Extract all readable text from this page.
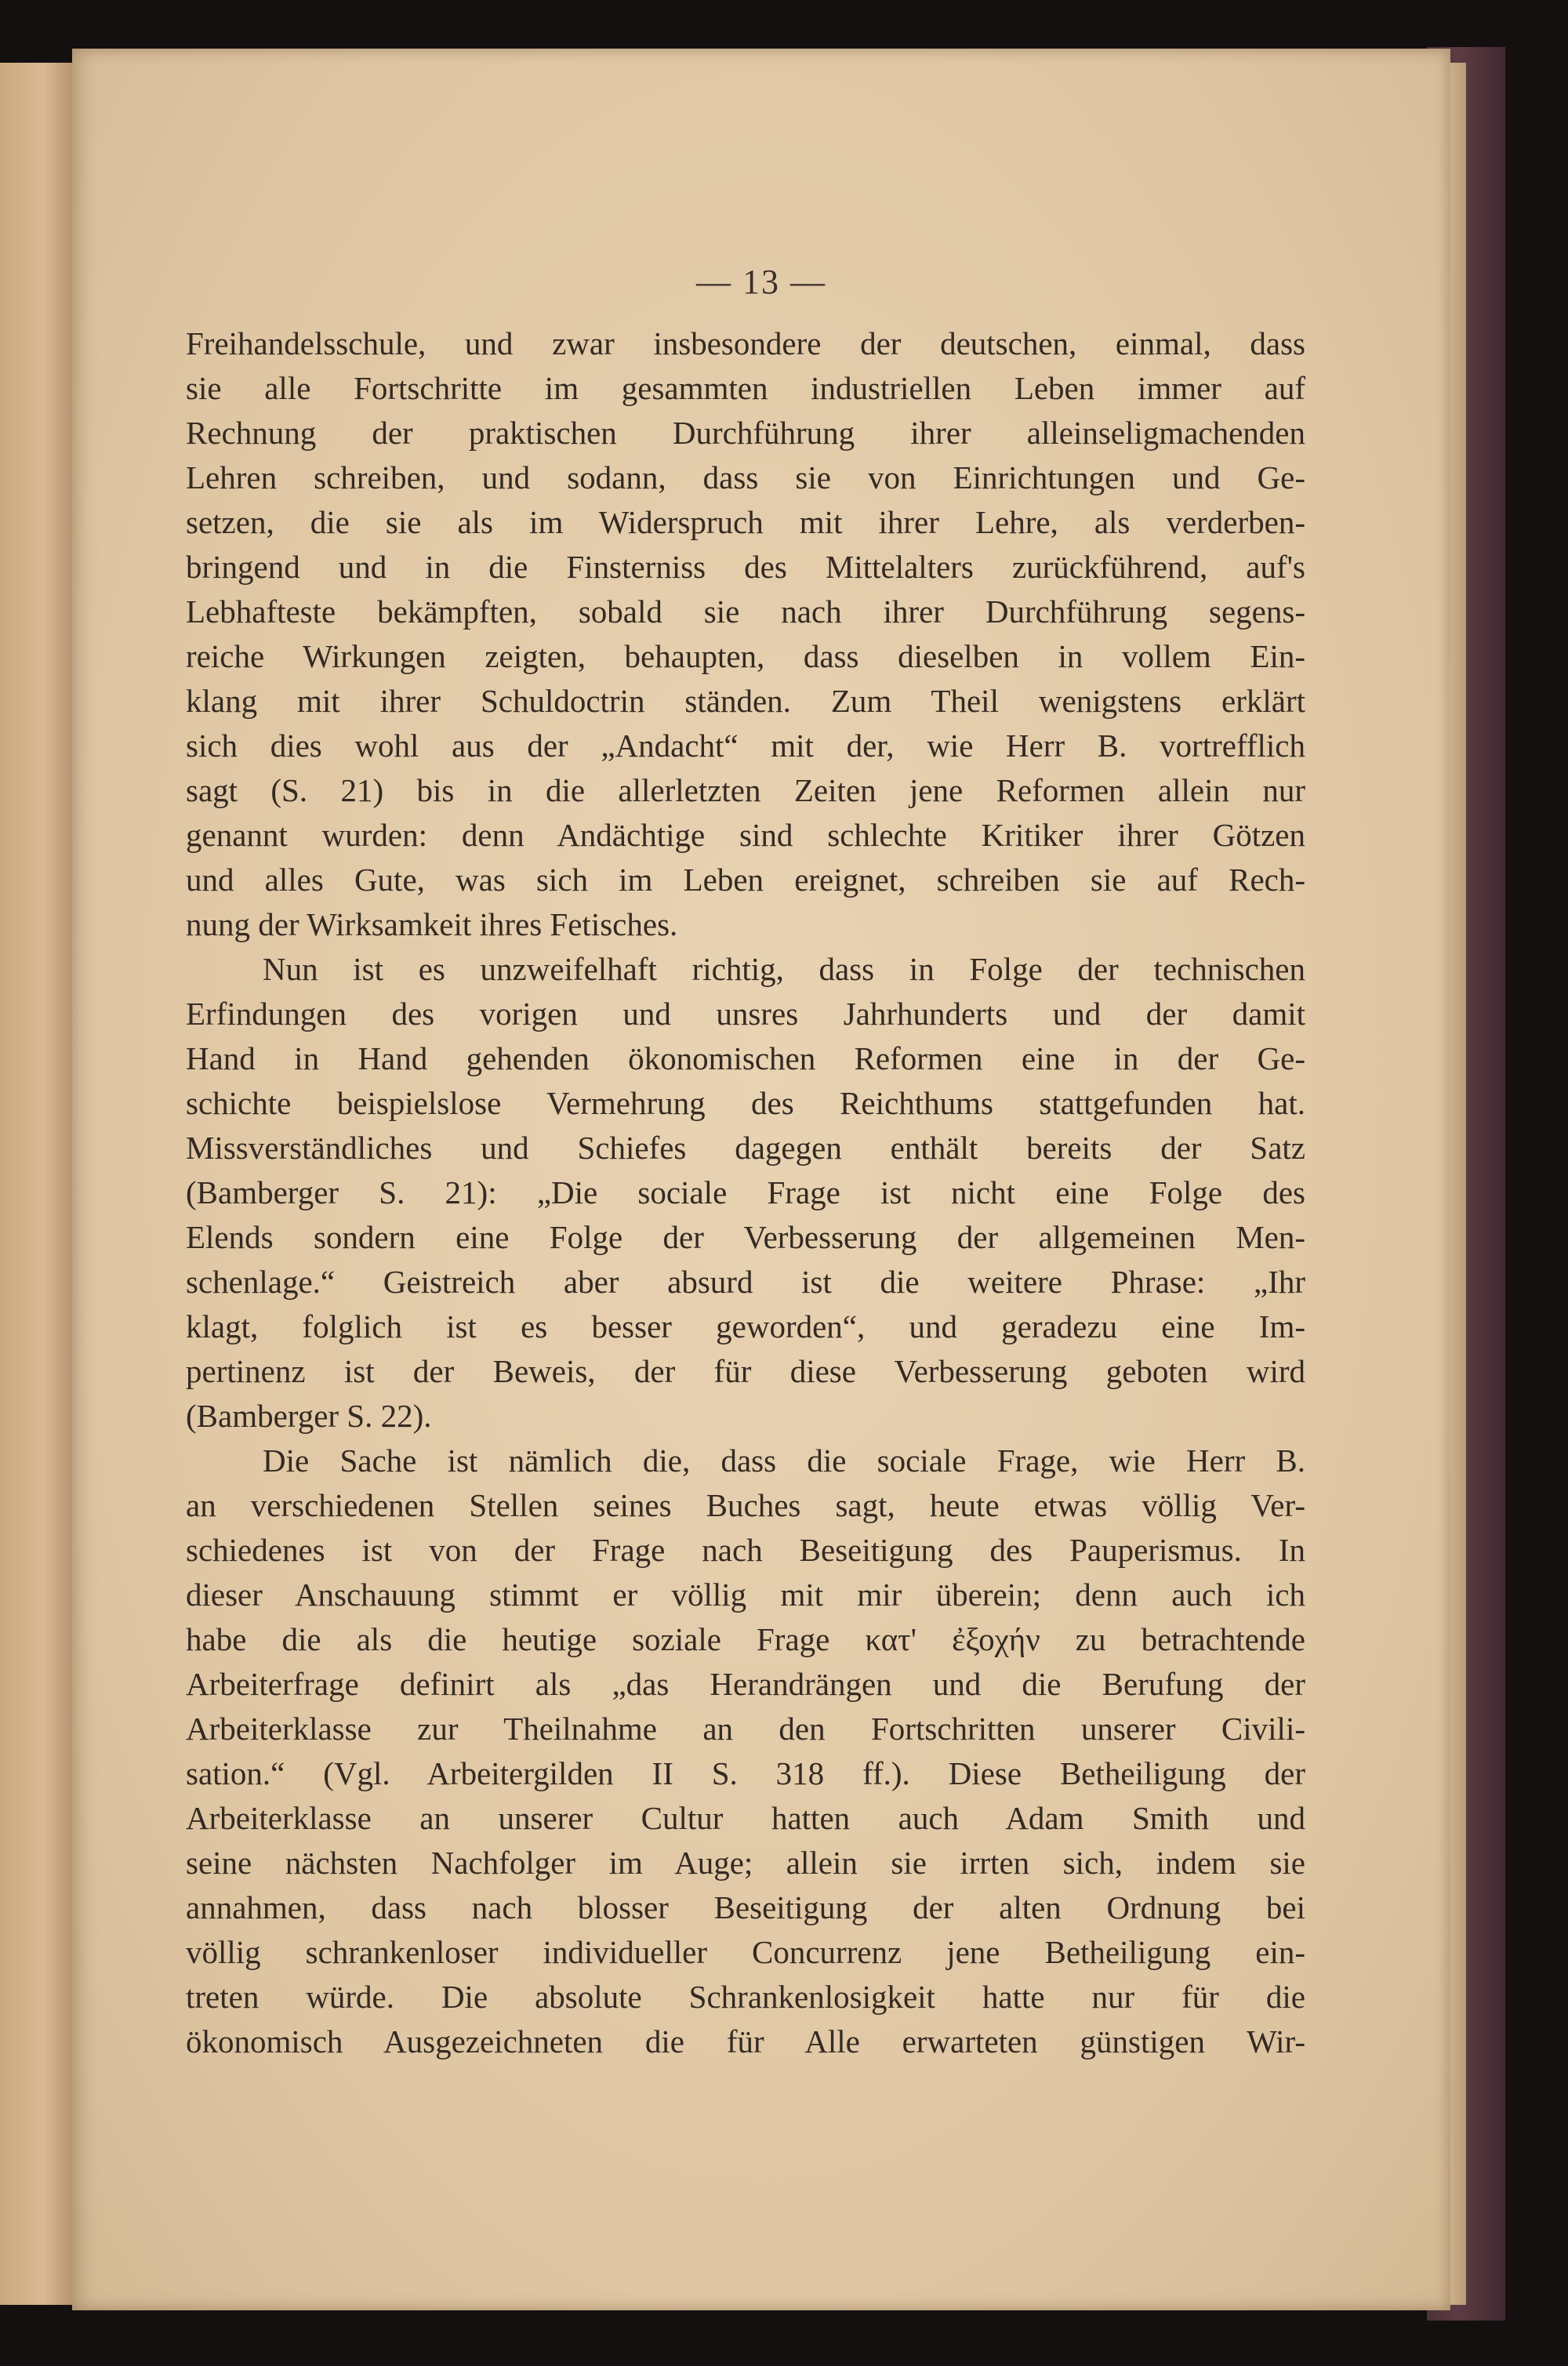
— 13 —
Freihandelsschule, und zwar insbesondere der deutschen, einmal, dass
sie alle Fortschritte im gesammten industriellen Leben immer auf
Rechnung der praktischen Durchführung ihrer alleinseligmachenden
Lehren schreiben, und sodann, dass sie von Einrichtungen und Ge-
setzen, die sie als im Widerspruch mit ihrer Lehre, als verderben-
bringend und in die Finsterniss des Mittelalters zurückführend, auf's
Lebhafteste bekämpften, sobald sie nach ihrer Durchführung segens-
reiche Wirkungen zeigten, behaupten, dass dieselben in vollem Ein-
klang mit ihrer Schuldoctrin ständen. Zum Theil wenigstens erklärt
sich dies wohl aus der „Andacht“ mit der, wie Herr B. vortrefflich
sagt (S. 21) bis in die allerletzten Zeiten jene Reformen allein nur
genannt wurden: denn Andächtige sind schlechte Kritiker ihrer Götzen
und alles Gute, was sich im Leben ereignet, schreiben sie auf Rech-
nung der Wirksamkeit ihres Fetisches.
Nun ist es unzweifelhaft richtig, dass in Folge der technischen
Erfindungen des vorigen und unsres Jahrhunderts und der damit
Hand in Hand gehenden ökonomischen Reformen eine in der Ge-
schichte beispielslose Vermehrung des Reichthums stattgefunden hat.
Missverständliches und Schiefes dagegen enthält bereits der Satz
(Bamberger S. 21): „Die sociale Frage ist nicht eine Folge des
Elends sondern eine Folge der Verbesserung der allgemeinen Men-
schenlage.“ Geistreich aber absurd ist die weitere Phrase: „Ihr
klagt, folglich ist es besser geworden“, und geradezu eine Im-
pertinenz ist der Beweis, der für diese Verbesserung geboten wird
(Bamberger S. 22).
Die Sache ist nämlich die, dass die sociale Frage, wie Herr B.
an verschiedenen Stellen seines Buches sagt, heute etwas völlig Ver-
schiedenes ist von der Frage nach Beseitigung des Pauperismus. In
dieser Anschauung stimmt er völlig mit mir überein; denn auch ich
habe die als die heutige soziale Frage κατ' ἐξοχήν zu betrachtende
Arbeiterfrage definirt als „das Herandrängen und die Berufung der
Arbeiterklasse zur Theilnahme an den Fortschritten unserer Civili-
sation.“ (Vgl. Arbeitergilden II S. 318 ff.). Diese Betheiligung der
Arbeiterklasse an unserer Cultur hatten auch Adam Smith und
seine nächsten Nachfolger im Auge; allein sie irrten sich, indem sie
annahmen, dass nach blosser Beseitigung der alten Ordnung bei
völlig schrankenloser individueller Concurrenz jene Betheiligung ein-
treten würde. Die absolute Schrankenlosigkeit hatte nur für die
ökonomisch Ausgezeichneten die für Alle erwarteten günstigen Wir-
